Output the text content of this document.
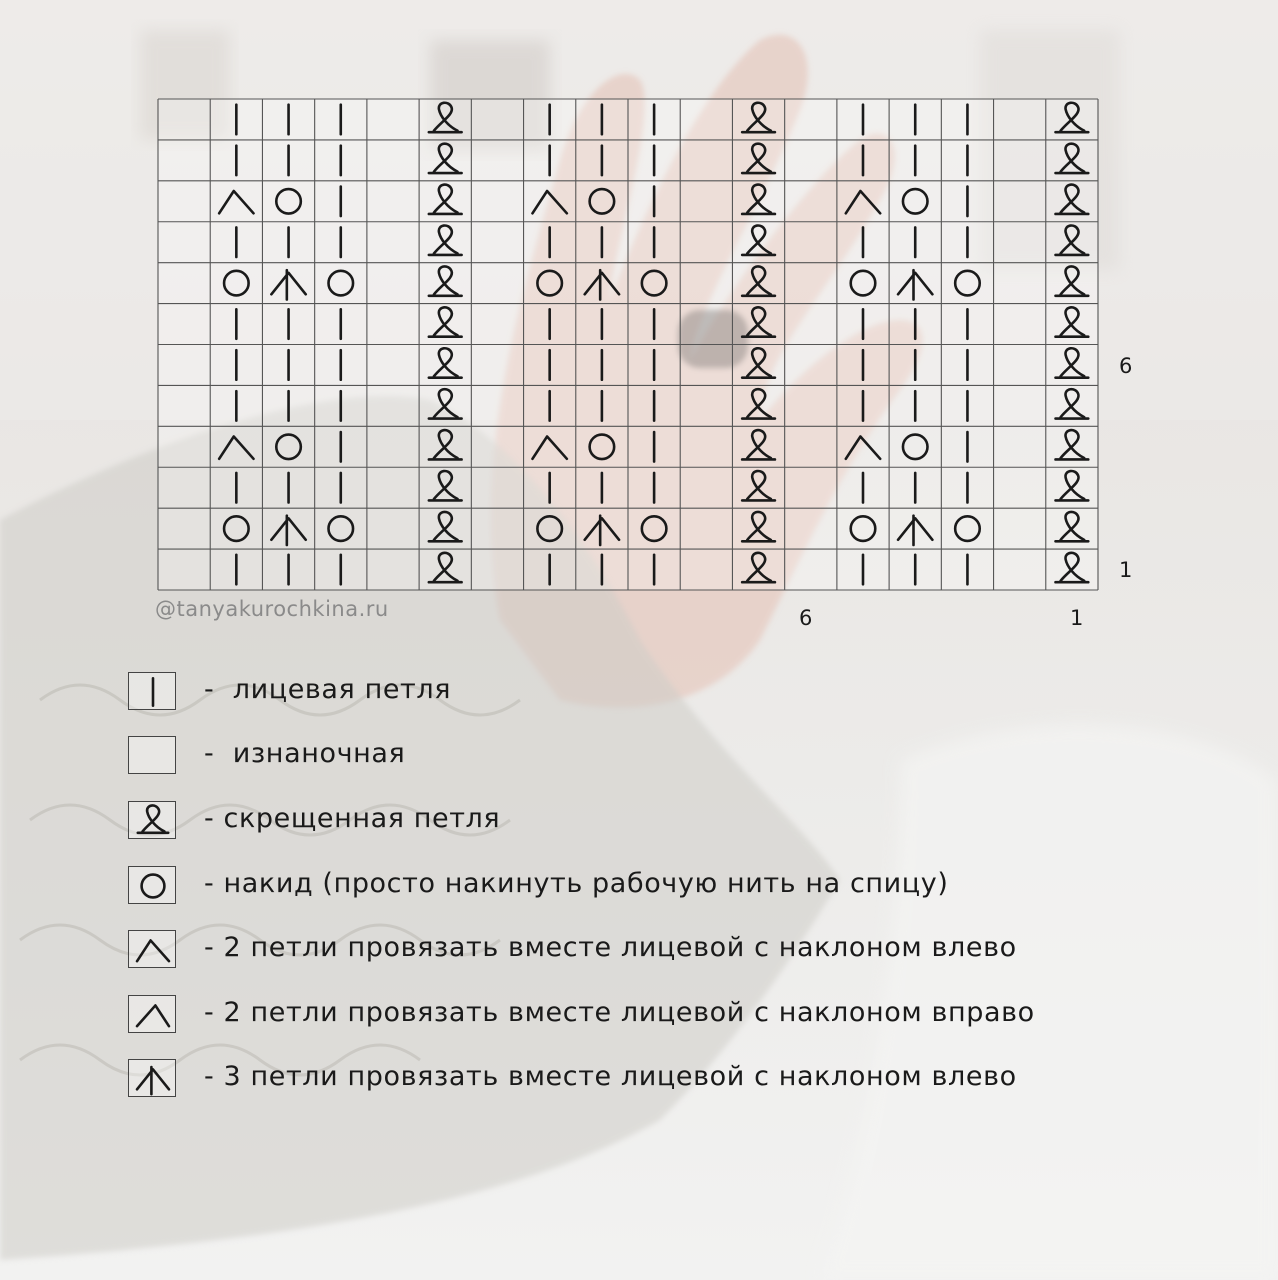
6
1
6	1
@tanyakurochkina.ru
-  лицевая петля
-  изнаночная
- скрещенная петля
- накид (просто накинуть рабочую нить на спицу)
- 2 петли провязать вместе лицевой с наклоном влево
- 2 петли провязать вместе лицевой с наклоном вправо
- 3 петли провязать вместе лицевой с наклоном влево
